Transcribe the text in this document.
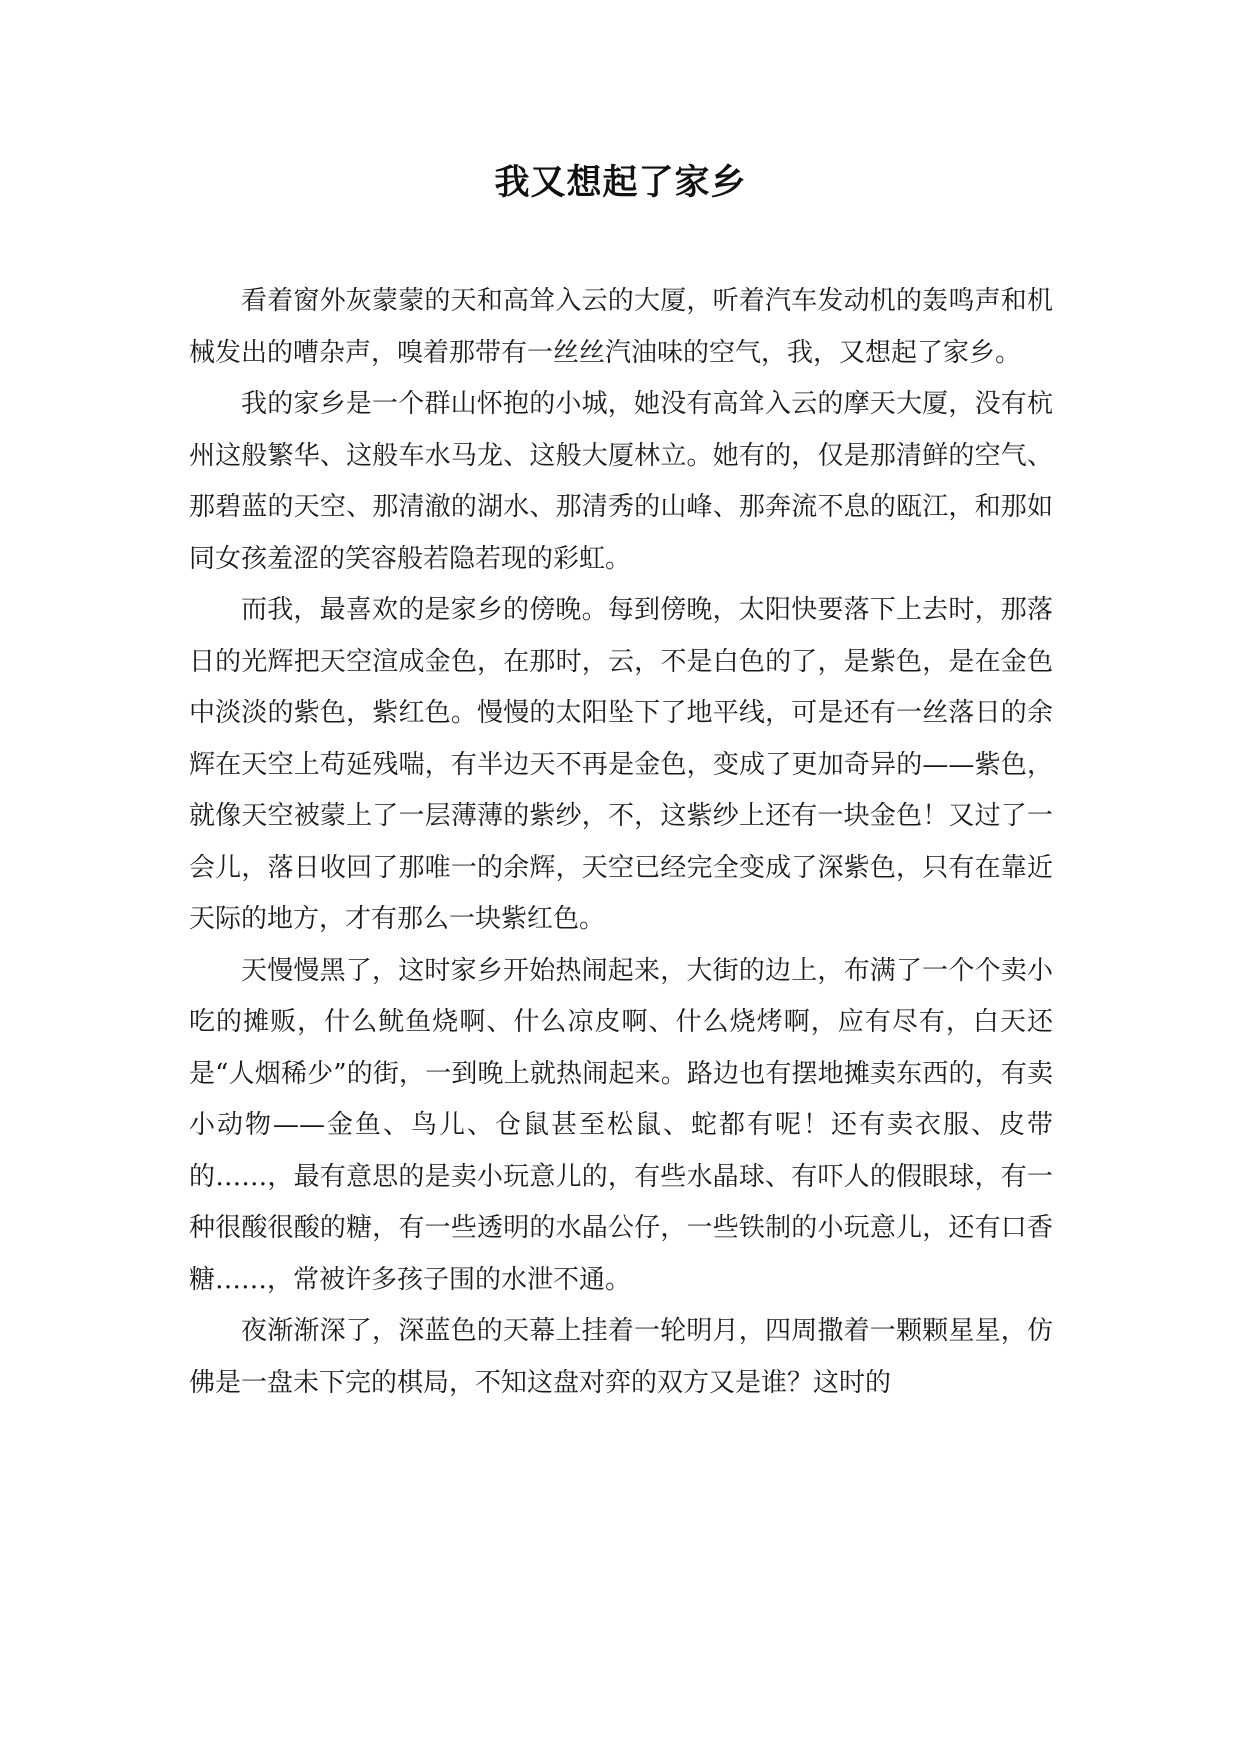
我又想起了家乡

看着窗外灰蒙蒙的天和高耸入云的大厦，听着汽车发动机的轰鸣声和机械发出的嘈杂声，嗅着那带有一丝丝汽油味的空气，我，又想起了家乡。

我的家乡是一个群山怀抱的小城，她没有高耸入云的摩天大厦，没有杭州这般繁华、这般车水马龙、这般大厦林立。她有的，仅是那清鲜的空气、那碧蓝的天空、那清澈的湖水、那清秀的山峰、那奔流不息的瓯江，和那如同女孩羞涩的笑容般若隐若现的彩虹。

而我，最喜欢的是家乡的傍晚。每到傍晚，太阳快要落下上去时，那落日的光辉把天空渲成金色，在那时，云，不是白色的了，是紫色，是在金色中淡淡的紫色，紫红色。慢慢的太阳坠下了地平线，可是还有一丝落日的余辉在天空上苟延残喘，有半边天不再是金色，变成了更加奇异的——紫色，就像天空被蒙上了一层薄薄的紫纱，不，这紫纱上还有一块金色！又过了一会儿，落日收回了那唯一的余辉，天空已经完全变成了深紫色，只有在靠近天际的地方，才有那么一块紫红色。

天慢慢黑了，这时家乡开始热闹起来，大街的边上，布满了一个个卖小吃的摊贩，什么鱿鱼烧啊、什么凉皮啊、什么烧烤啊，应有尽有，白天还是“人烟稀少”的街，一到晚上就热闹起来。路边也有摆地摊卖东西的，有卖小动物——金鱼、鸟儿、仓鼠甚至松鼠、蛇都有呢！还有卖衣服、皮带的……，最有意思的是卖小玩意儿的，有些水晶球、有吓人的假眼球，有一种很酸很酸的糖，有一些透明的水晶公仔，一些铁制的小玩意儿，还有口香糖……，常被许多孩子围的水泄不通。

夜渐渐深了，深蓝色的天幕上挂着一轮明月，四周撒着一颗颗星星，仿佛是一盘未下完的棋局，不知这盘对弈的双方又是谁？这时的
